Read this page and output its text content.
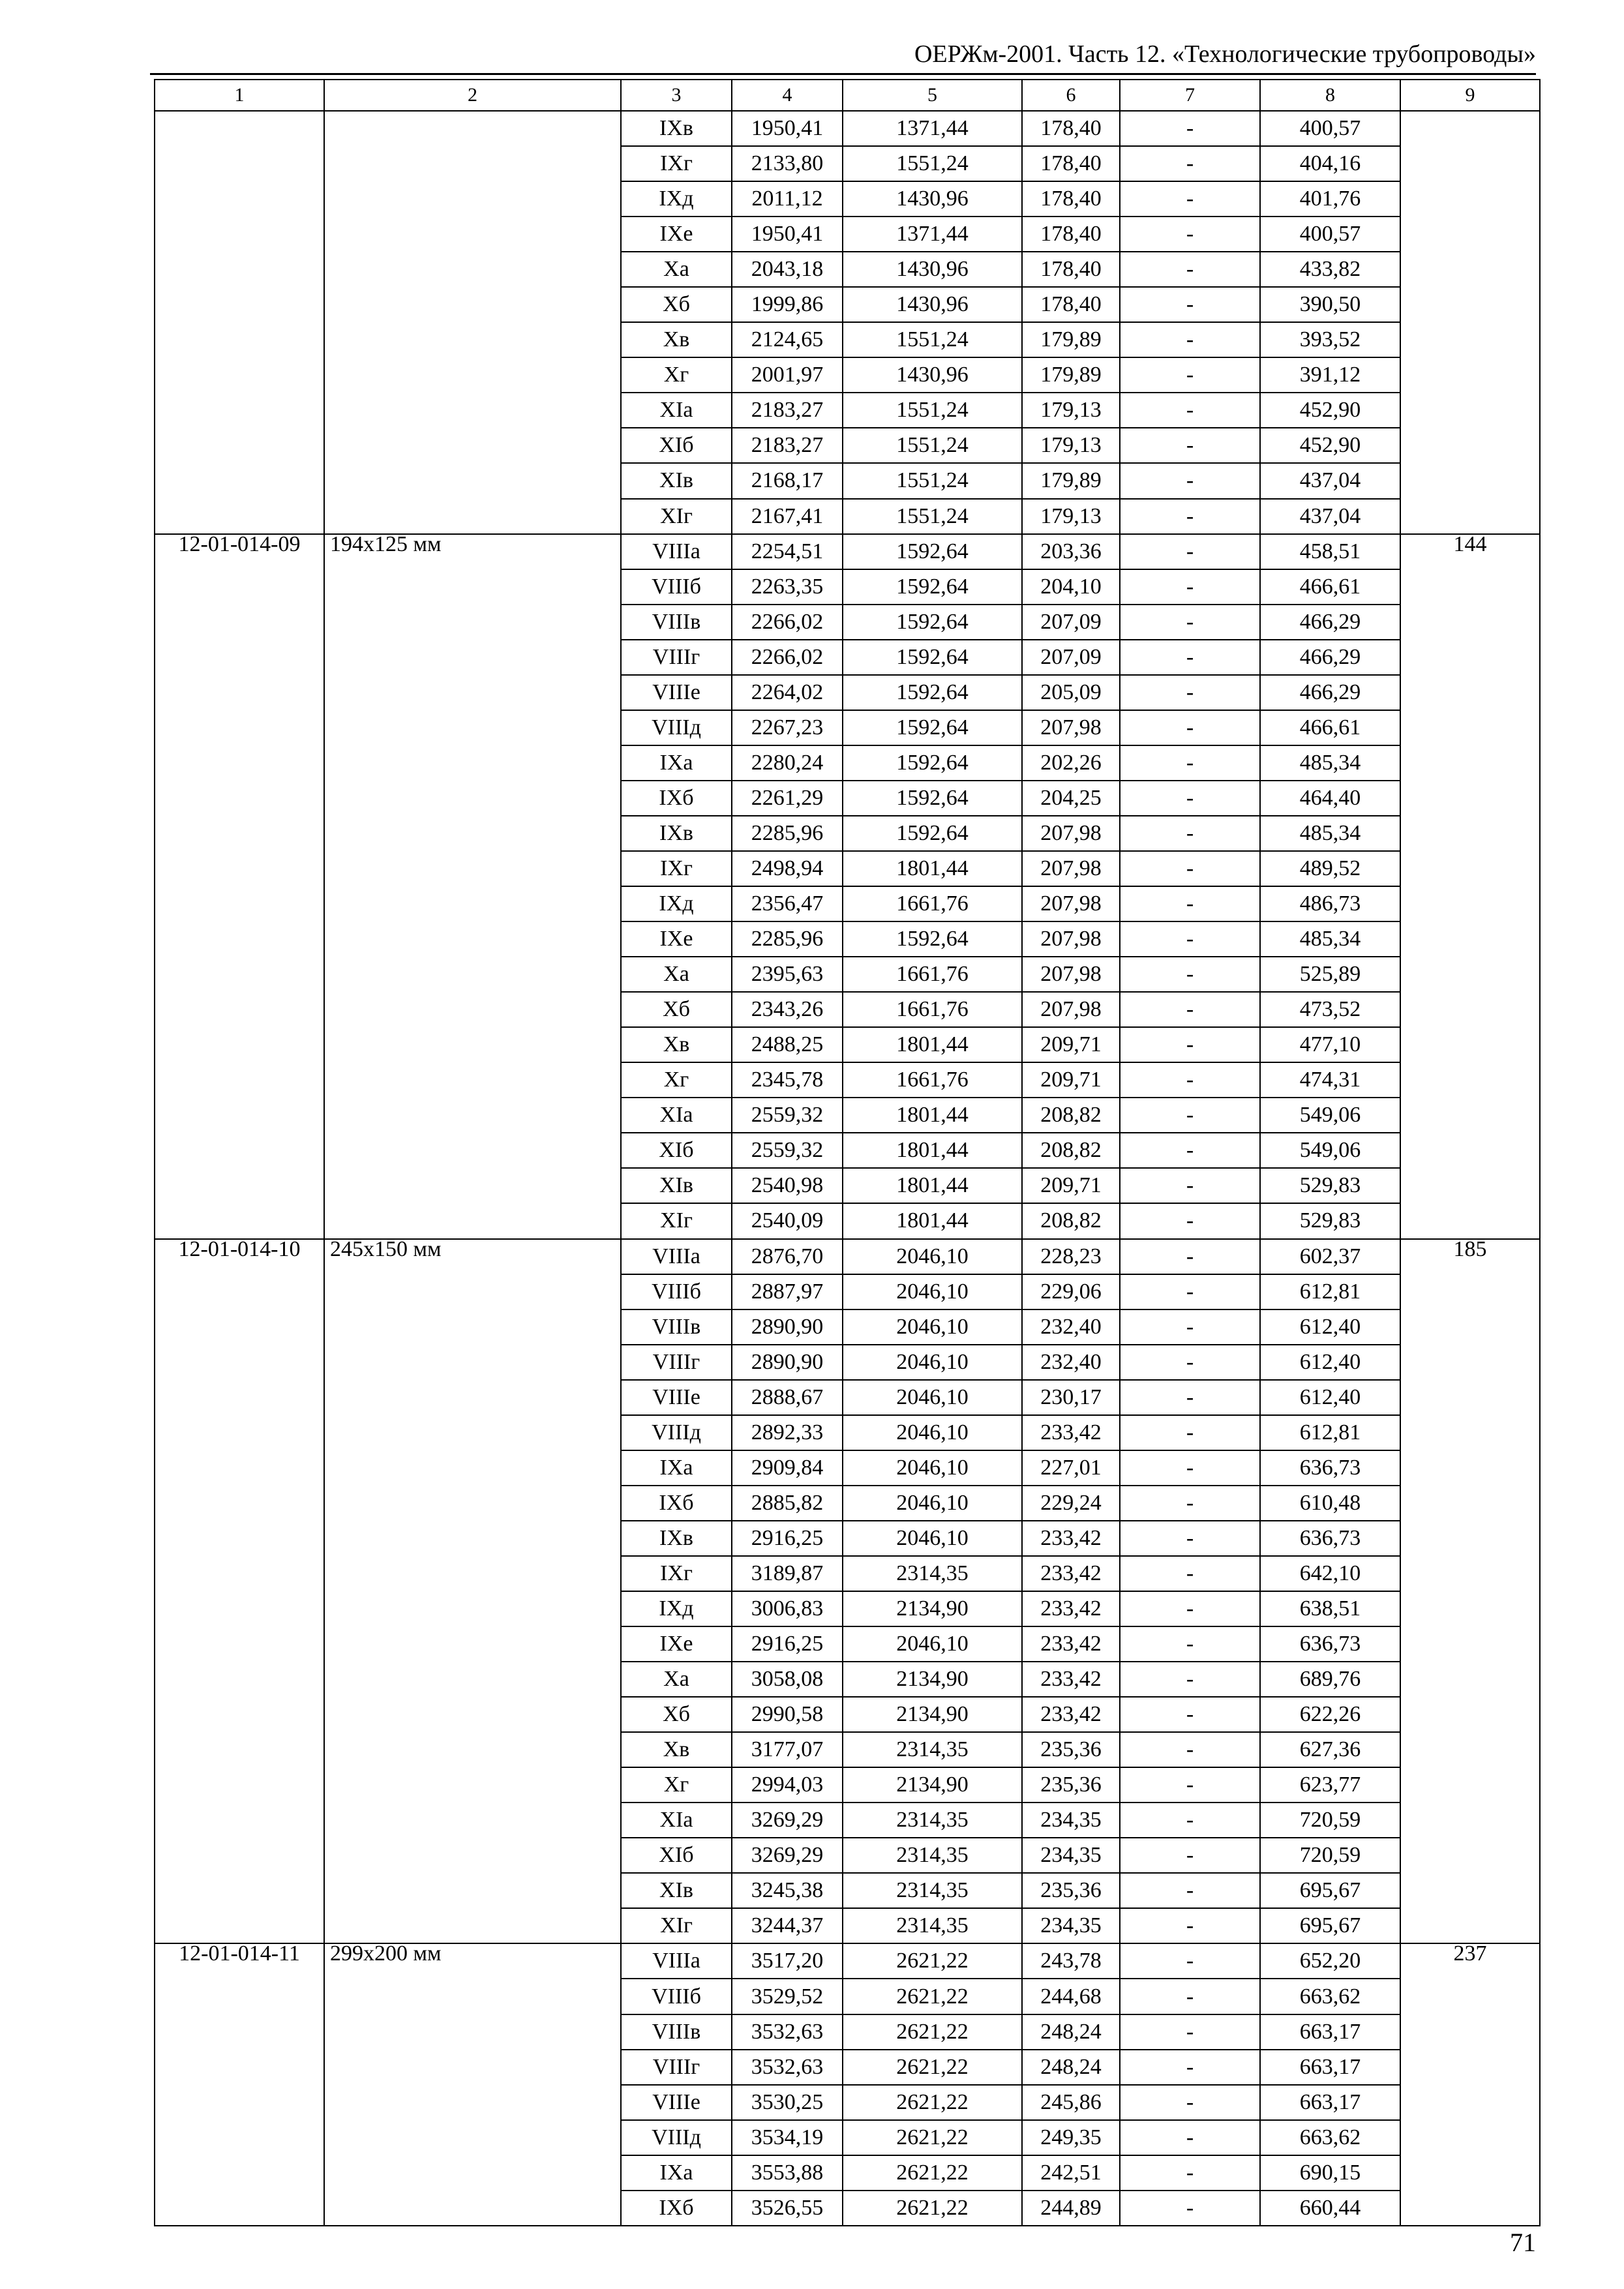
ОЕРЖм-2001. Часть 12. «Технологические трубопроводы»
1	2	3	4	5	6	7	8	9
		IXв	1950,41	1371,44	178,40	-	400,57	
		IXг	2133,80	1551,24	178,40	-	404,16	
		IXд	2011,12	1430,96	178,40	-	401,76	
		IXе	1950,41	1371,44	178,40	-	400,57	
		Xа	2043,18	1430,96	178,40	-	433,82	
		Xб	1999,86	1430,96	178,40	-	390,50	
		Xв	2124,65	1551,24	179,89	-	393,52	
		Xг	2001,97	1430,96	179,89	-	391,12	
		XIа	2183,27	1551,24	179,13	-	452,90	
		XIб	2183,27	1551,24	179,13	-	452,90	
		XIв	2168,17	1551,24	179,89	-	437,04	
		XIг	2167,41	1551,24	179,13	-	437,04	
12-01-014-09	194х125 мм	VIIIа	2254,51	1592,64	203,36	-	458,51	144
		VIIIб	2263,35	1592,64	204,10	-	466,61	
		VIIIв	2266,02	1592,64	207,09	-	466,29	
		VIIIг	2266,02	1592,64	207,09	-	466,29	
		VIIIе	2264,02	1592,64	205,09	-	466,29	
		VIIIд	2267,23	1592,64	207,98	-	466,61	
		IXа	2280,24	1592,64	202,26	-	485,34	
		IXб	2261,29	1592,64	204,25	-	464,40	
		IXв	2285,96	1592,64	207,98	-	485,34	
		IXг	2498,94	1801,44	207,98	-	489,52	
		IXд	2356,47	1661,76	207,98	-	486,73	
		IXе	2285,96	1592,64	207,98	-	485,34	
		Xа	2395,63	1661,76	207,98	-	525,89	
		Xб	2343,26	1661,76	207,98	-	473,52	
		Xв	2488,25	1801,44	209,71	-	477,10	
		Xг	2345,78	1661,76	209,71	-	474,31	
		XIа	2559,32	1801,44	208,82	-	549,06	
		XIб	2559,32	1801,44	208,82	-	549,06	
		XIв	2540,98	1801,44	209,71	-	529,83	
		XIг	2540,09	1801,44	208,82	-	529,83	
12-01-014-10	245х150 мм	VIIIа	2876,70	2046,10	228,23	-	602,37	185
		VIIIб	2887,97	2046,10	229,06	-	612,81	
		VIIIв	2890,90	2046,10	232,40	-	612,40	
		VIIIг	2890,90	2046,10	232,40	-	612,40	
		VIIIе	2888,67	2046,10	230,17	-	612,40	
		VIIIд	2892,33	2046,10	233,42	-	612,81	
		IXа	2909,84	2046,10	227,01	-	636,73	
		IXб	2885,82	2046,10	229,24	-	610,48	
		IXв	2916,25	2046,10	233,42	-	636,73	
		IXг	3189,87	2314,35	233,42	-	642,10	
		IXд	3006,83	2134,90	233,42	-	638,51	
		IXе	2916,25	2046,10	233,42	-	636,73	
		Xа	3058,08	2134,90	233,42	-	689,76	
		Xб	2990,58	2134,90	233,42	-	622,26	
		Xв	3177,07	2314,35	235,36	-	627,36	
		Xг	2994,03	2134,90	235,36	-	623,77	
		XIа	3269,29	2314,35	234,35	-	720,59	
		XIб	3269,29	2314,35	234,35	-	720,59	
		XIв	3245,38	2314,35	235,36	-	695,67	
		XIг	3244,37	2314,35	234,35	-	695,67	
12-01-014-11	299х200 мм	VIIIа	3517,20	2621,22	243,78	-	652,20	237
		VIIIб	3529,52	2621,22	244,68	-	663,62	
		VIIIв	3532,63	2621,22	248,24	-	663,17	
		VIIIг	3532,63	2621,22	248,24	-	663,17	
		VIIIе	3530,25	2621,22	245,86	-	663,17	
		VIIIд	3534,19	2621,22	249,35	-	663,62	
		IXа	3553,88	2621,22	242,51	-	690,15	
		IXб	3526,55	2621,22	244,89	-	660,44	
71
